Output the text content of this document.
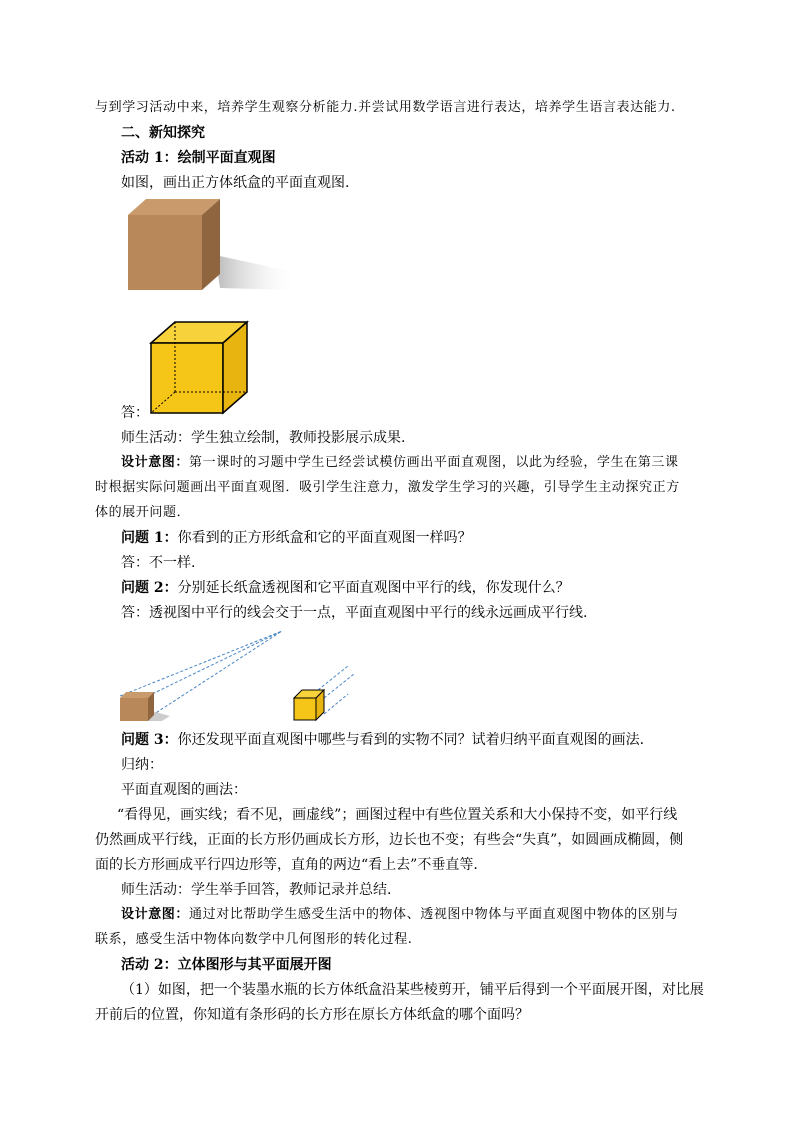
与到学习活动中来，培养学生观察分析能力.并尝试用数学语言进行表达，培养学生语言表达能力.
二、新知探究
活动 1：绘制平面直观图
如图，画出正方体纸盒的平面直观图.
答：
师生活动：学生独立绘制，教师投影展示成果.
设计意图：第一课时的习题中学生已经尝试模仿画出平面直观图，以此为经验，学生在第三课
时根据实际问题画出平面直观图．吸引学生注意力，激发学生学习的兴趣，引导学生主动探究正方
体的展开问题．
问题 1：你看到的正方形纸盒和它的平面直观图一样吗？
答：不一样.
问题 2：分别延长纸盒透视图和它平面直观图中平行的线，你发现什么？
答：透视图中平行的线会交于一点，平面直观图中平行的线永远画成平行线.
问题 3：你还发现平面直观图中哪些与看到的实物不同？试着归纳平面直观图的画法.
归纳：
平面直观图的画法：
“看得见，画实线；看不见，画虚线”；画图过程中有些位置关系和大小保持不变，如平行线
仍然画成平行线，正面的长方形仍画成长方形，边长也不变；有些会“失真”，如圆画成椭圆，侧
面的长方形画成平行四边形等，直角的两边“看上去”不垂直等.
师生活动：学生举手回答，教师记录并总结.
设计意图：通过对比帮助学生感受生活中的物体、透视图中物体与平面直观图中物体的区别与
联系，感受生活中物体向数学中几何图形的转化过程.
活动 2：立体图形与其平面展开图
（1）如图，把一个装墨水瓶的长方体纸盒沿某些棱剪开，铺平后得到一个平面展开图，对比展
开前后的位置，你知道有条形码的长方形在原长方体纸盒的哪个面吗？
